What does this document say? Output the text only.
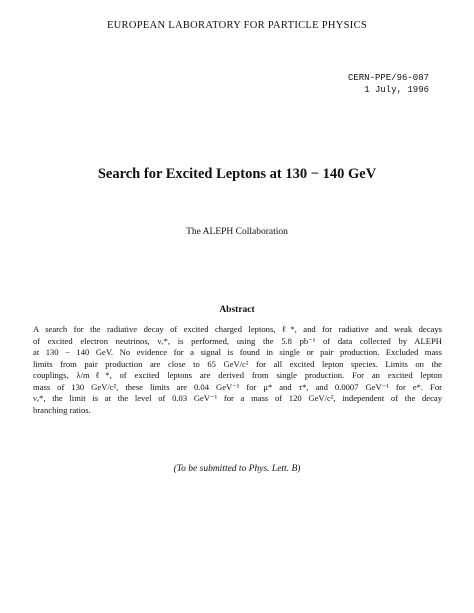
EUROPEAN LABORATORY FOR PARTICLE PHYSICS
CERN-PPE/96-087
1 July, 1996
Search for Excited Leptons at 130 − 140 GeV
The ALEPH Collaboration
Abstract
A search for the radiative decay of excited charged leptons, ℓ*, and for radiative and weak decays
of excited electron neutrinos, νₑ*, is performed, using the 5.8 pb⁻¹ of data collected by ALEPH
at 130 − 140 GeV. No evidence for a signal is found in single or pair production. Excluded mass
limits from pair production are close to 65 GeV/c² for all excited lepton species. Limits on the
couplings, λ/mℓ*, of excited leptons are derived from single production. For an excited lepton
mass of 130 GeV/c², these limits are 0.04 GeV⁻¹ for μ* and τ*, and 0.0007 GeV⁻¹ for e*. For
νₑ*, the limit is at the level of 0.03 GeV⁻¹ for a mass of 120 GeV/c², independent of the decay
branching ratios.
(To be submitted to Phys. Lett. B)
